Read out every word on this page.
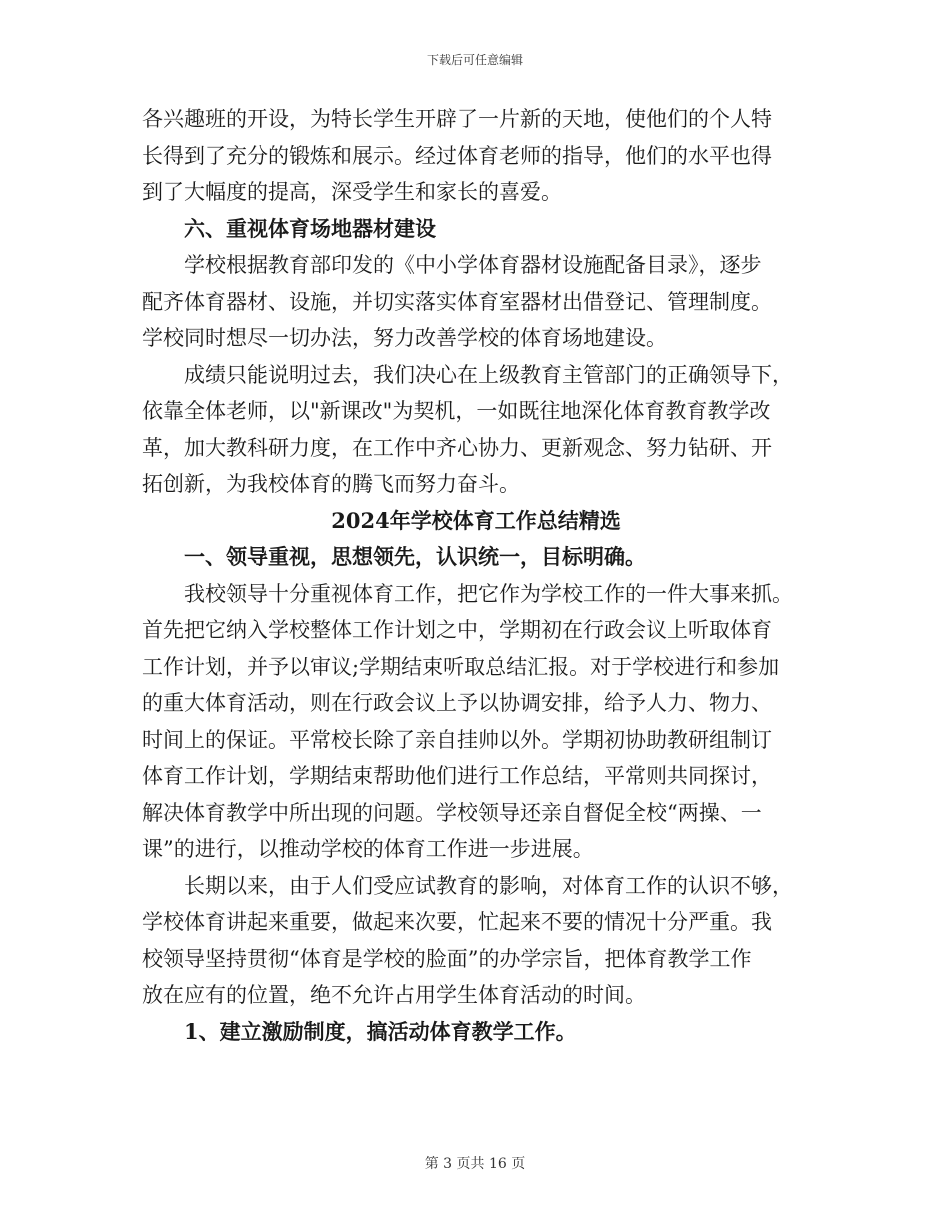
下载后可任意编辑
各兴趣班的开设，为特长学生开辟了一片新的天地，使他们的个人特
长得到了充分的锻炼和展示。经过体育老师的指导，他们的水平也得
到了大幅度的提高，深受学生和家长的喜爱。
六、重视体育场地器材建设
学校根据教育部印发的《中小学体育器材设施配备目录》，逐步
配齐体育器材、设施，并切实落实体育室器材出借登记、管理制度。
学校同时想尽一切办法，努力改善学校的体育场地建设。
成绩只能说明过去，我们决心在上级教育主管部门的正确领导下，
依靠全体老师，以"新课改"为契机，一如既往地深化体育教育教学改
革，加大教科研力度，在工作中齐心协力、更新观念、努力钻研、开
拓创新，为我校体育的腾飞而努力奋斗。
2024年学校体育工作总结精选
一、领导重视，思想领先，认识统一，目标明确。
我校领导十分重视体育工作，把它作为学校工作的一件大事来抓。
首先把它纳入学校整体工作计划之中，学期初在行政会议上听取体育
工作计划，并予以审议;学期结束听取总结汇报。对于学校进行和参加
的重大体育活动，则在行政会议上予以协调安排，给予人力、物力、
时间上的保证。平常校长除了亲自挂帅以外。学期初协助教研组制订
体育工作计划，学期结束帮助他们进行工作总结，平常则共同探讨，
解决体育教学中所出现的问题。学校领导还亲自督促全校“两操、一
课”的进行，以推动学校的体育工作进一步进展。
长期以来，由于人们受应试教育的影响，对体育工作的认识不够，
学校体育讲起来重要，做起来次要，忙起来不要的情况十分严重。我
校领导坚持贯彻“体育是学校的脸面”的办学宗旨，把体育教学工作
放在应有的位置，绝不允许占用学生体育活动的时间。
1、建立激励制度，搞活动体育教学工作。
第 3 页共 16 页
